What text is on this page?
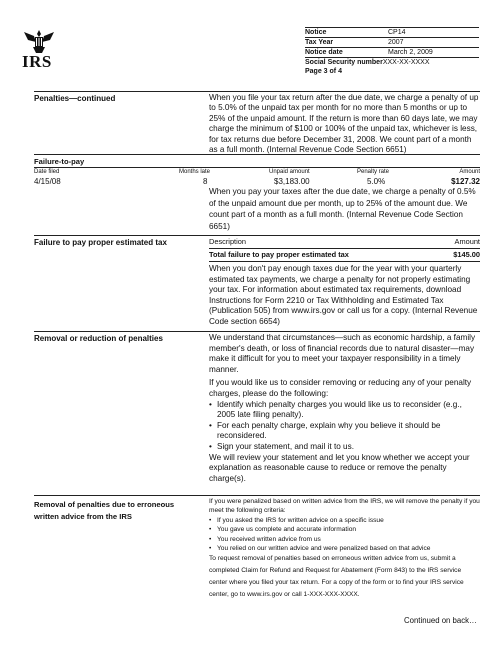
IRS
Notice	CP14
Tax Year	2007
Notice date	March 2, 2009
Social Security number XXX-XX-XXXX
Page 3 of 4
Penalties—continued	When you file your tax return after the due date, we charge a penalty of up to 5.0% of the unpaid tax per month for no more than 5 months or up to 25% of the unpaid amount. If the return is more than 60 days late, we may charge the minimum of $100 or 100% of the unpaid tax, whichever is less, for tax returns due before December 31, 2008. We count part of a month as a full month. (Internal Revenue Code Section 6651)
Failure-to-pay
Date filed	Months late	Unpaid amount	Penalty rate	Amount
4/15/08	8	$3,183.00	5.0%	$127.32
When you pay your taxes after the due date, we charge a penalty of 0.5% of the unpaid amount due per month, up to 25% of the amount due. We count part of a month as a full month. (Internal Revenue Code Section 6651)
Failure to pay proper estimated tax	Description	Amount
Total failure to pay proper estimated tax	$145.00
When you don't pay enough taxes due for the year with your quarterly estimated tax payments, we charge a penalty for not properly estimating your tax. For information about estimated tax requirements, download Instructions for Form 2210 or Tax Withholding and Estimated Tax (Publication 505) from www.irs.gov or call us for a copy. (Internal Revenue Code section 6654)
Removal or reduction of penalties	We understand that circumstances—such as economic hardship, a family member's death, or loss of financial records due to natural disaster—may make it difficult for you to meet your taxpayer responsibility in a timely manner.
If you would like us to consider removing or reducing any of your penalty charges, please do the following:
• Identify which penalty charges you would like us to reconsider (e.g., 2005 late filing penalty).
• For each penalty charge, explain why you believe it should be reconsidered.
• Sign your statement, and mail it to us.
We will review your statement and let you know whether we accept your explanation as reasonable cause to reduce or remove the penalty charge(s).
Removal of penalties due to erroneous written advice from the IRS
If you were penalized based on written advice from the IRS, we will remove the penalty if you meet the following criteria:
• If you asked the IRS for written advice on a specific issue
• You gave us complete and accurate information
• You received written advice from us
• You relied on our written advice and were penalized based on that advice
To request removal of penalties based on erroneous written advice from us, submit a completed Claim for Refund and Request for Abatement (Form 843) to the IRS service center where you filed your tax return. For a copy of the form or to find your IRS service center, go to www.irs.gov or call 1-XXX-XXX-XXXX.
Continued on back…
